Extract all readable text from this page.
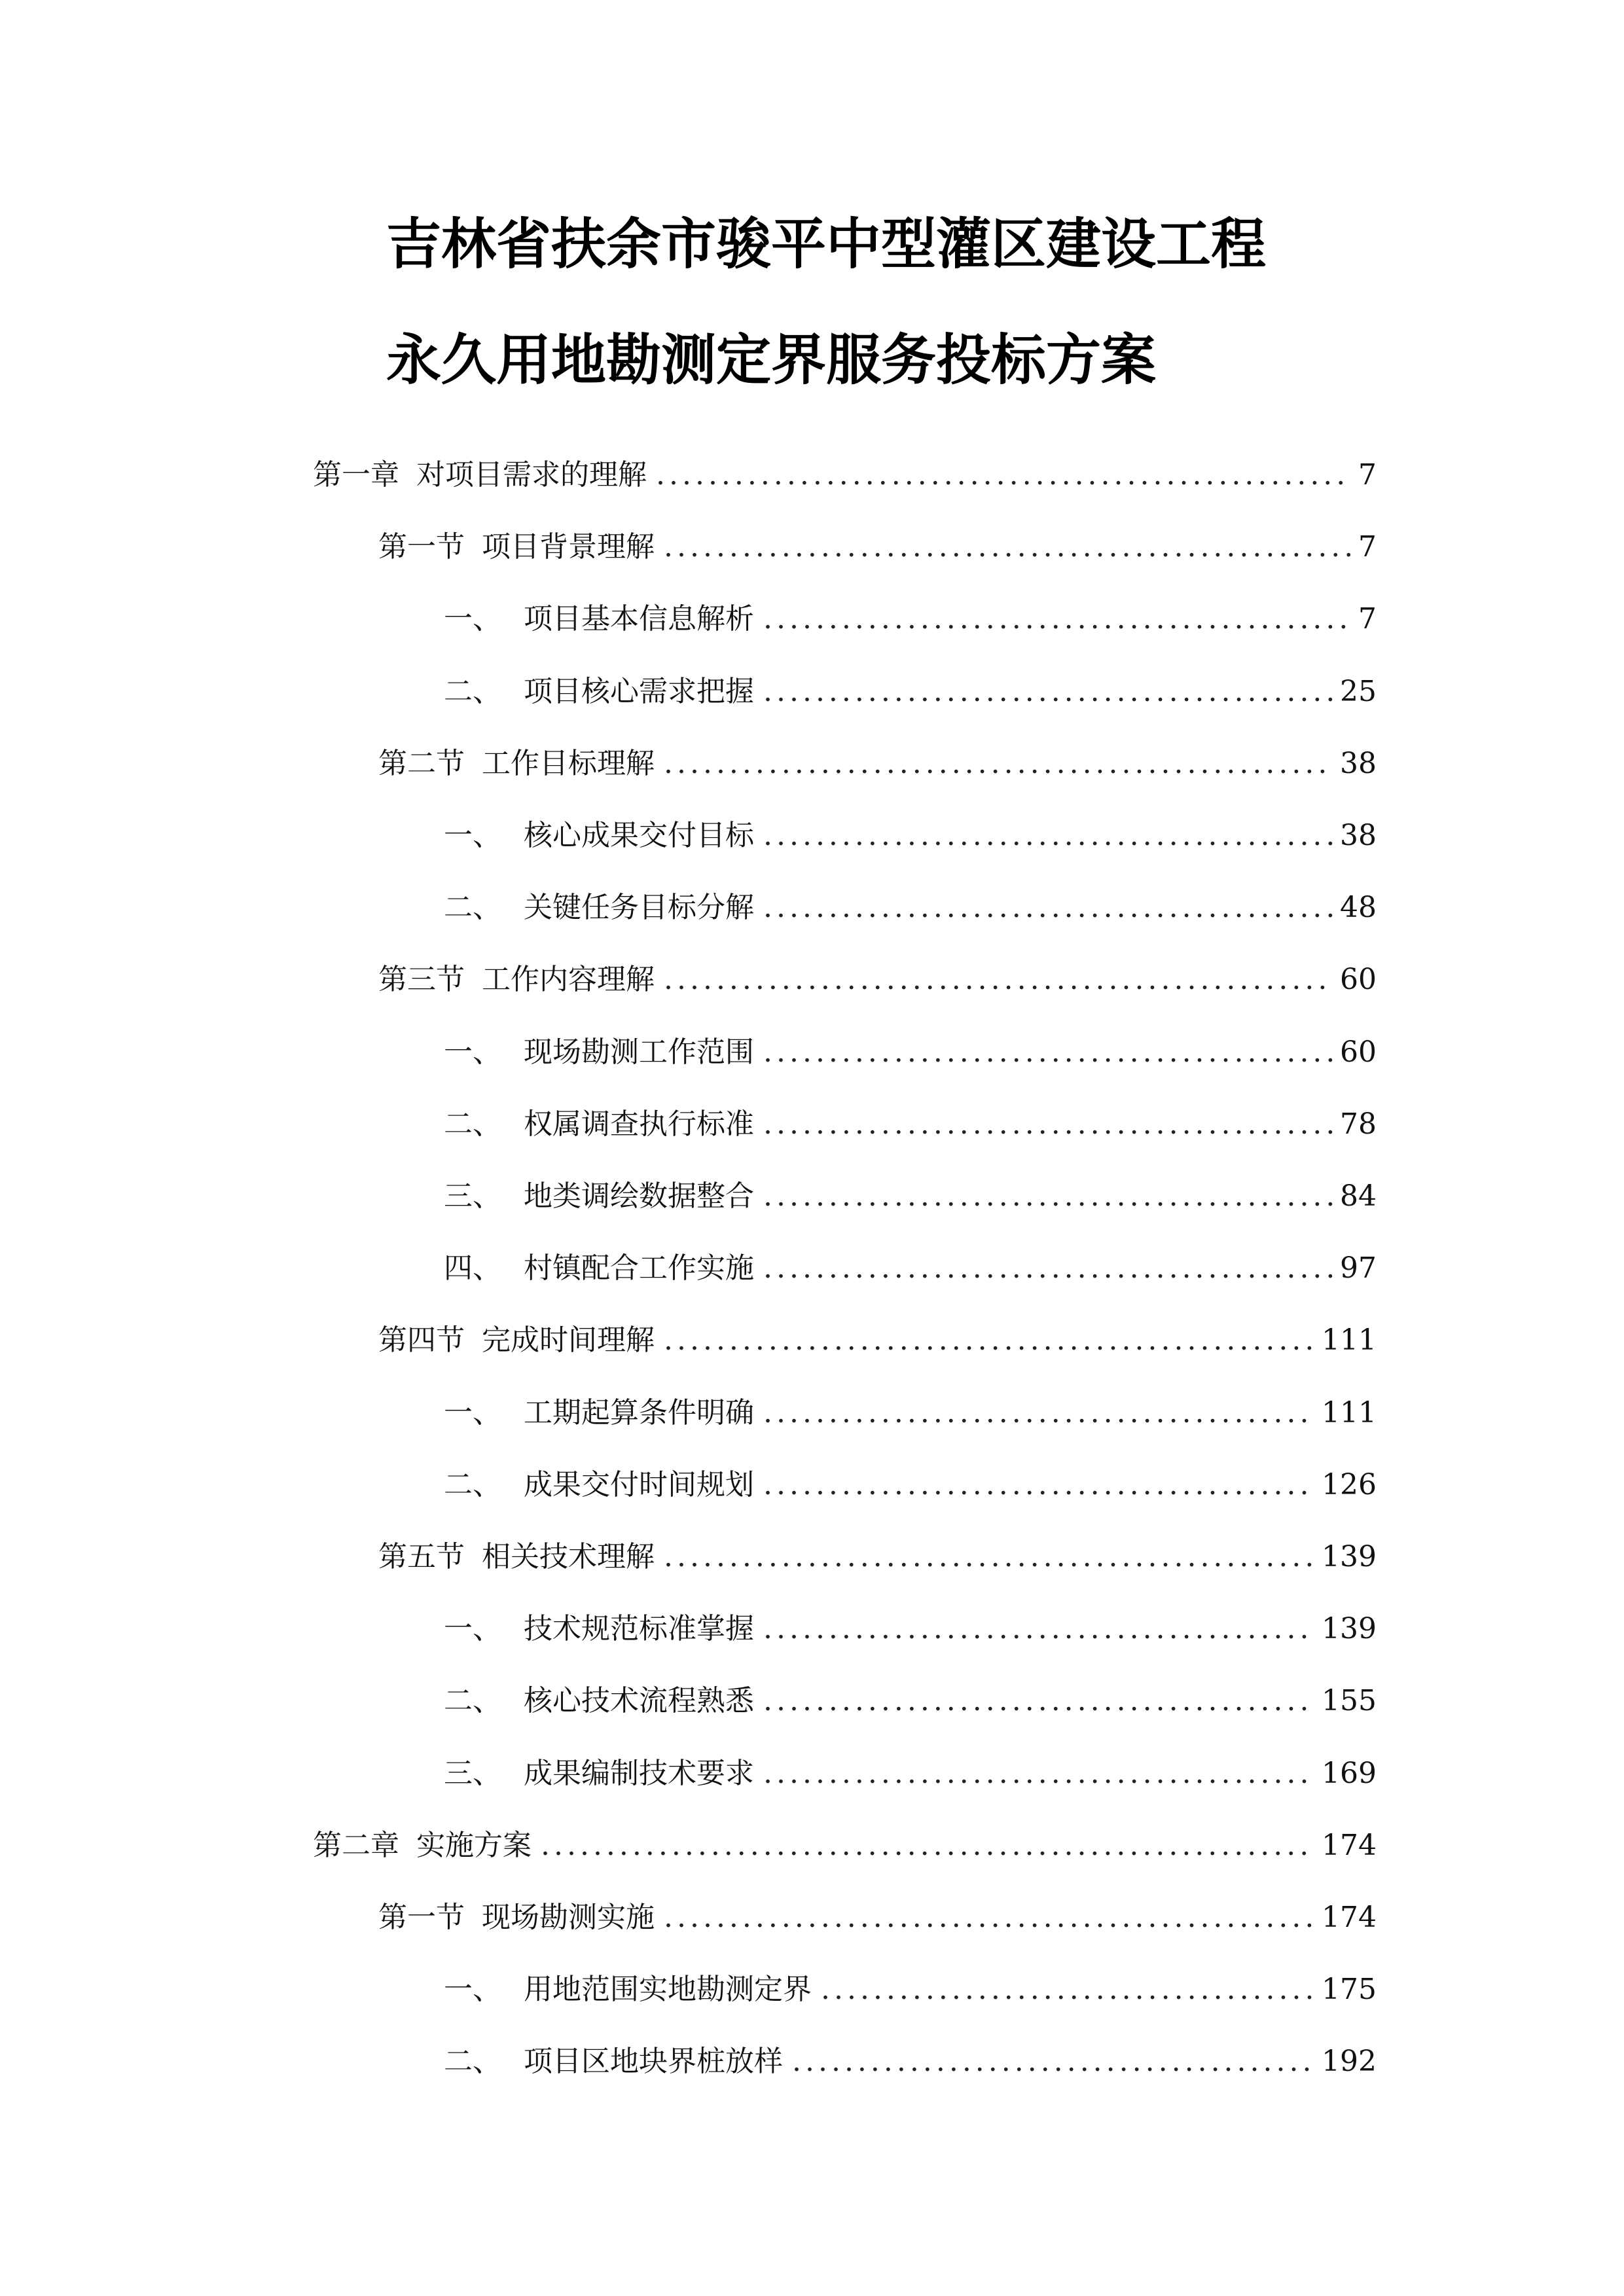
吉林省扶余市骏平中型灌区建设工程
永久用地勘测定界服务投标方案
第一章 对项目需求的理解 .....	7
第一节 项目背景理解 .....	7
一、 项目基本信息解析 .....	7
二、 项目核心需求把握 .....	25
第二节 工作目标理解 .....	38
一、 核心成果交付目标 .....	38
二、 关键任务目标分解 .....	48
第三节 工作内容理解 .....	60
一、 现场勘测工作范围 .....	60
二、 权属调查执行标准 .....	78
三、 地类调绘数据整合 .....	84
四、 村镇配合工作实施 .....	97
第四节 完成时间理解 .....	111
一、 工期起算条件明确 .....	111
二、 成果交付时间规划 .....	126
第五节 相关技术理解 .....	139
一、 技术规范标准掌握 .....	139
二、 核心技术流程熟悉 .....	155
三、 成果编制技术要求 .....	169
第二章 实施方案 .....	174
第一节 现场勘测实施 .....	174
一、 用地范围实地勘测定界 .....	175
二、 项目区地块界桩放样 .....	192
